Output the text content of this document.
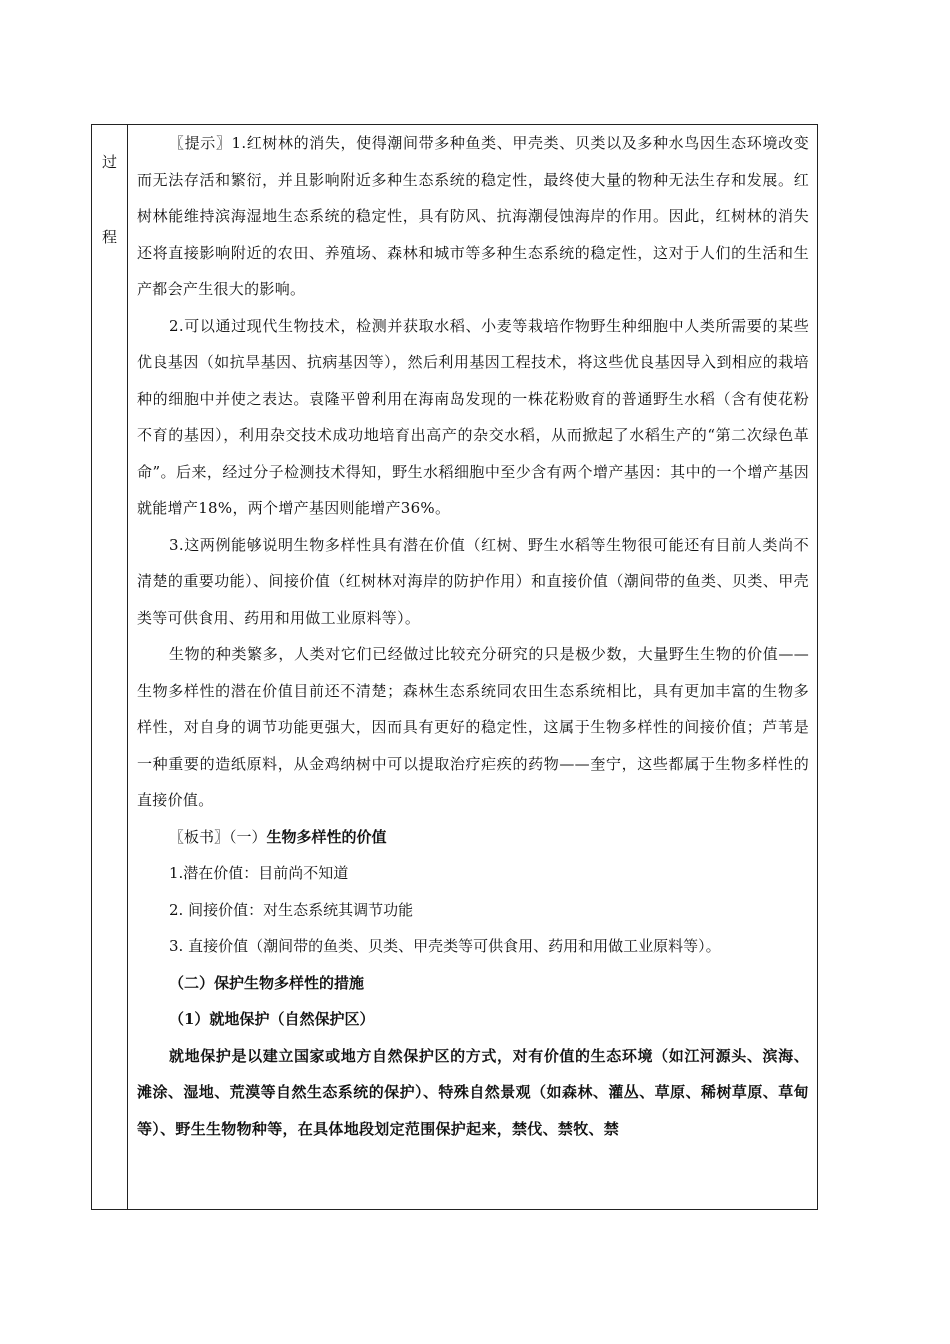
过
程

〖提示〗1.红树林的消失，使得潮间带多种鱼类、甲壳类、贝类以及多种水鸟因生态环境改变而无法存活和繁衍，并且影响附近多种生态系统的稳定性，最终使大量的物种无法生存和发展。红树林能维持滨海湿地生态系统的稳定性，具有防风、抗海潮侵蚀海岸的作用。因此，红树林的消失还将直接影响附近的农田、养殖场、森林和城市等多种生态系统的稳定性，这对于人们的生活和生产都会产生很大的影响。

2.可以通过现代生物技术，检测并获取水稻、小麦等栽培作物野生种细胞中人类所需要的某些优良基因（如抗旱基因、抗病基因等），然后利用基因工程技术，将这些优良基因导入到相应的栽培种的细胞中并使之表达。袁隆平曾利用在海南岛发现的一株花粉败育的普通野生水稻（含有使花粉不育的基因），利用杂交技术成功地培育出高产的杂交水稻，从而掀起了水稻生产的“第二次绿色革命”。后来，经过分子检测技术得知，野生水稻细胞中至少含有两个增产基因：其中的一个增产基因就能增产18%，两个增产基因则能增产36%。

3.这两例能够说明生物多样性具有潜在价值（红树、野生水稻等生物很可能还有目前人类尚不清楚的重要功能）、间接价值（红树林对海岸的防护作用）和直接价值（潮间带的鱼类、贝类、甲壳类等可供食用、药用和用做工业原料等）。

生物的种类繁多，人类对它们已经做过比较充分研究的只是极少数，大量野生生物的价值——生物多样性的潜在价值目前还不清楚；森林生态系统同农田生态系统相比，具有更加丰富的生物多样性，对自身的调节功能更强大，因而具有更好的稳定性，这属于生物多样性的间接价值；芦苇是一种重要的造纸原料，从金鸡纳树中可以提取治疗疟疾的药物——奎宁，这些都属于生物多样性的直接价值。

〖板书〗（一）生物多样性的价值

1.潜在价值：目前尚不知道

2. 间接价值：对生态系统其调节功能

3. 直接价值（潮间带的鱼类、贝类、甲壳类等可供食用、药用和用做工业原料等）。

（二）保护生物多样性的措施

（1）就地保护（自然保护区）

就地保护是以建立国家或地方自然保护区的方式，对有价值的生态环境（如江河源头、滨海、滩涂、湿地、荒漠等自然生态系统的保护）、特殊自然景观（如森林、灌丛、草原、稀树草原、草甸等）、野生生物物种等，在具体地段划定范围保护起来，禁伐、禁牧、禁
